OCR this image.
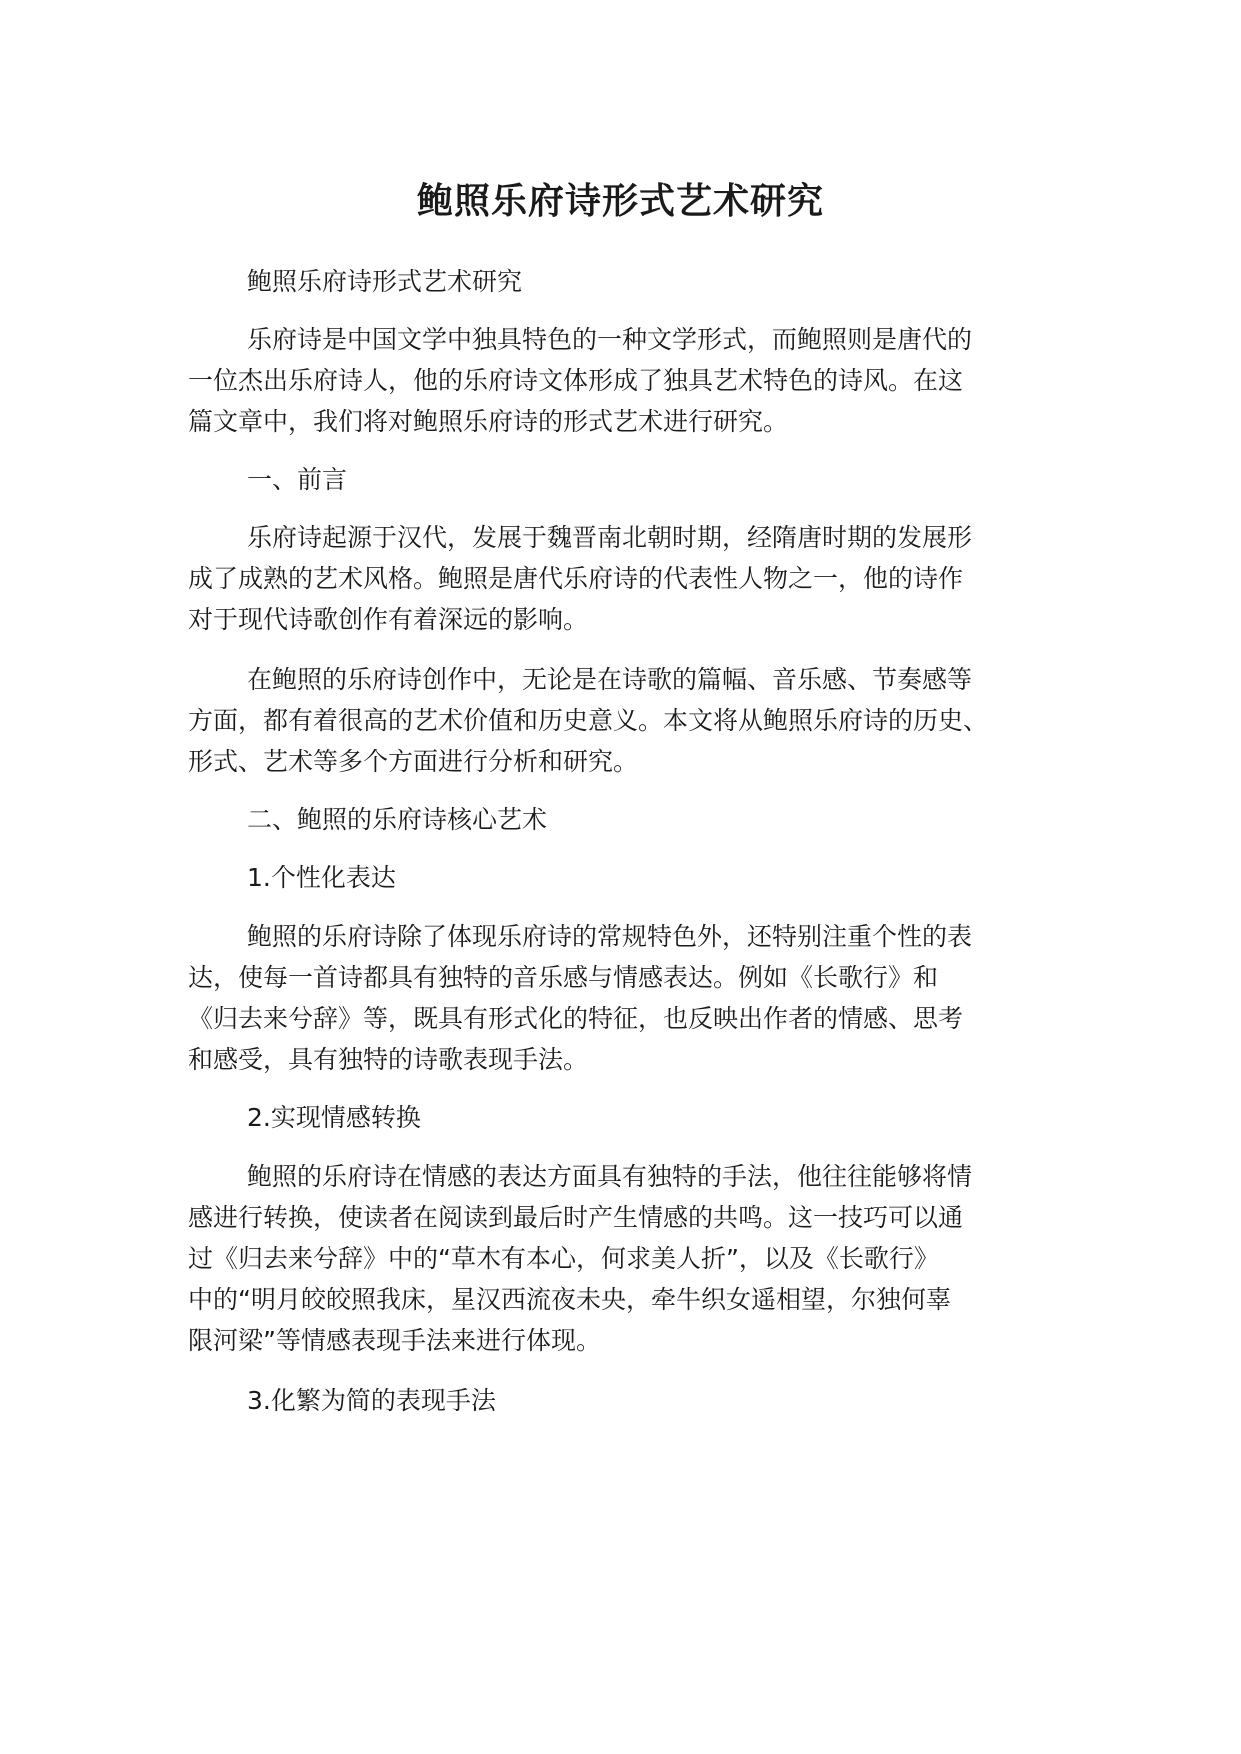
鲍照乐府诗形式艺术研究

鲍照乐府诗形式艺术研究

乐府诗是中国文学中独具特色的一种文学形式，而鲍照则是唐代的

一位杰出乐府诗人，他的乐府诗文体形成了独具艺术特色的诗风。在这

篇文章中，我们将对鲍照乐府诗的形式艺术进行研究。

一、前言

乐府诗起源于汉代，发展于魏晋南北朝时期，经隋唐时期的发展形

成了成熟的艺术风格。鲍照是唐代乐府诗的代表性人物之一，他的诗作

对于现代诗歌创作有着深远的影响。

在鲍照的乐府诗创作中，无论是在诗歌的篇幅、音乐感、节奏感等

方面，都有着很高的艺术价值和历史意义。本文将从鲍照乐府诗的历史、

形式、艺术等多个方面进行分析和研究。

二、鲍照的乐府诗核心艺术

1.个性化表达

鲍照的乐府诗除了体现乐府诗的常规特色外，还特别注重个性的表

达，使每一首诗都具有独特的音乐感与情感表达。例如《长歌行》和

《归去来兮辞》等，既具有形式化的特征，也反映出作者的情感、思考

和感受，具有独特的诗歌表现手法。

2.实现情感转换

鲍照的乐府诗在情感的表达方面具有独特的手法，他往往能够将情

感进行转换，使读者在阅读到最后时产生情感的共鸣。这一技巧可以通

过《归去来兮辞》中的“草木有本心，何求美人折”，以及《长歌行》

中的“明月皎皎照我床，星汉西流夜未央，牵牛织女遥相望，尔独何辜

限河梁”等情感表现手法来进行体现。

3.化繁为简的表现手法
